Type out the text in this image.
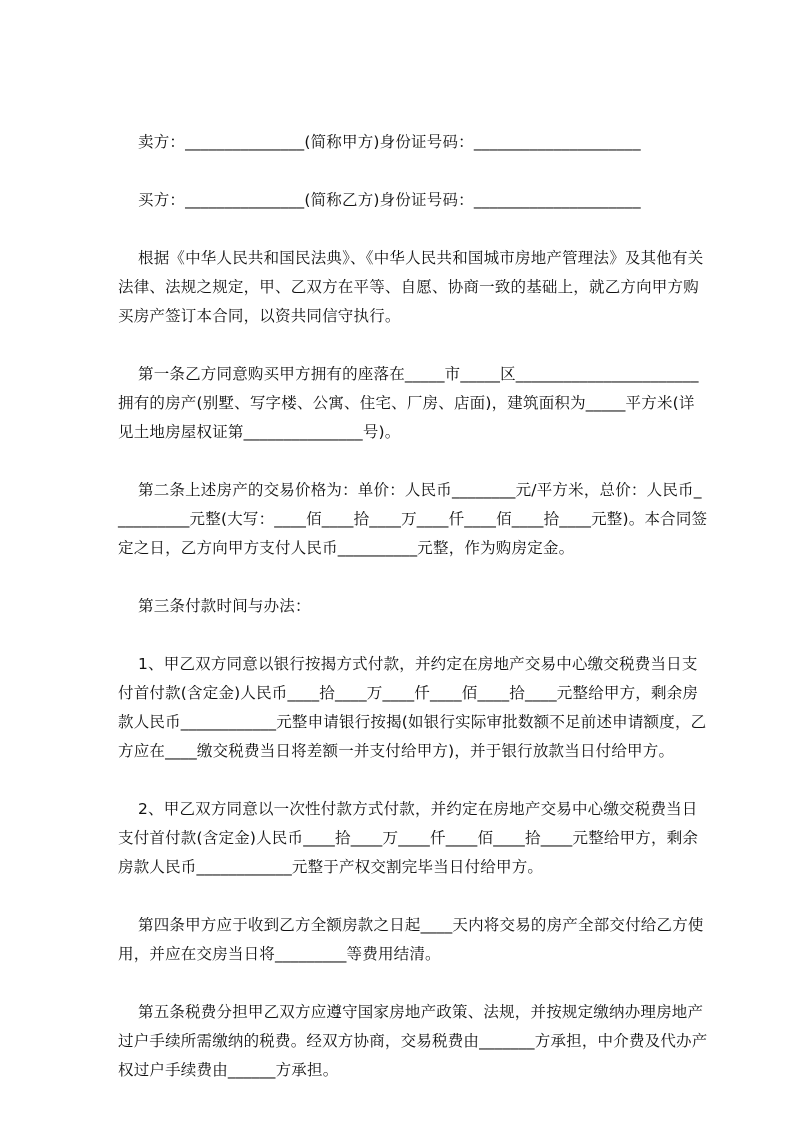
卖方：_______________(简称甲方)身份证号码：_____________________

买方：_______________(简称乙方)身份证号码：_____________________

根据《中华人民共和国民法典》、《中华人民共和国城市房地产管理法》及其他有关法律、法规之规定，甲、乙双方在平等、自愿、协商一致的基础上，就乙方向甲方购买房产签订本合同，以资共同信守执行。

第一条乙方同意购买甲方拥有的座落在_____市_____区_______________________拥有的房产(别墅、写字楼、公寓、住宅、厂房、店面)，建筑面积为_____平方米(详见土地房屋权证第_______________号)。

第二条上述房产的交易价格为：单价：人民币________元/平方米，总价：人民币__________元整(大写：____佰____拾____万____仟____佰____拾____元整)。本合同签定之日，乙方向甲方支付人民币__________元整，作为购房定金。

第三条付款时间与办法：

1、甲乙双方同意以银行按揭方式付款，并约定在房地产交易中心缴交税费当日支付首付款(含定金)人民币____拾____万____仟____佰____拾____元整给甲方，剩余房款人民币____________元整申请银行按揭(如银行实际审批数额不足前述申请额度，乙方应在____缴交税费当日将差额一并支付给甲方)，并于银行放款当日付给甲方。

2、甲乙双方同意以一次性付款方式付款，并约定在房地产交易中心缴交税费当日支付首付款(含定金)人民币____拾____万____仟____佰____拾____元整给甲方，剩余房款人民币____________元整于产权交割完毕当日付给甲方。

第四条甲方应于收到乙方全额房款之日起____天内将交易的房产全部交付给乙方使用，并应在交房当日将_________等费用结清。

第五条税费分担甲乙双方应遵守国家房地产政策、法规，并按规定缴纳办理房地产过户手续所需缴纳的税费。经双方协商，交易税费由_______方承担，中介费及代办产权过户手续费由______方承担。
